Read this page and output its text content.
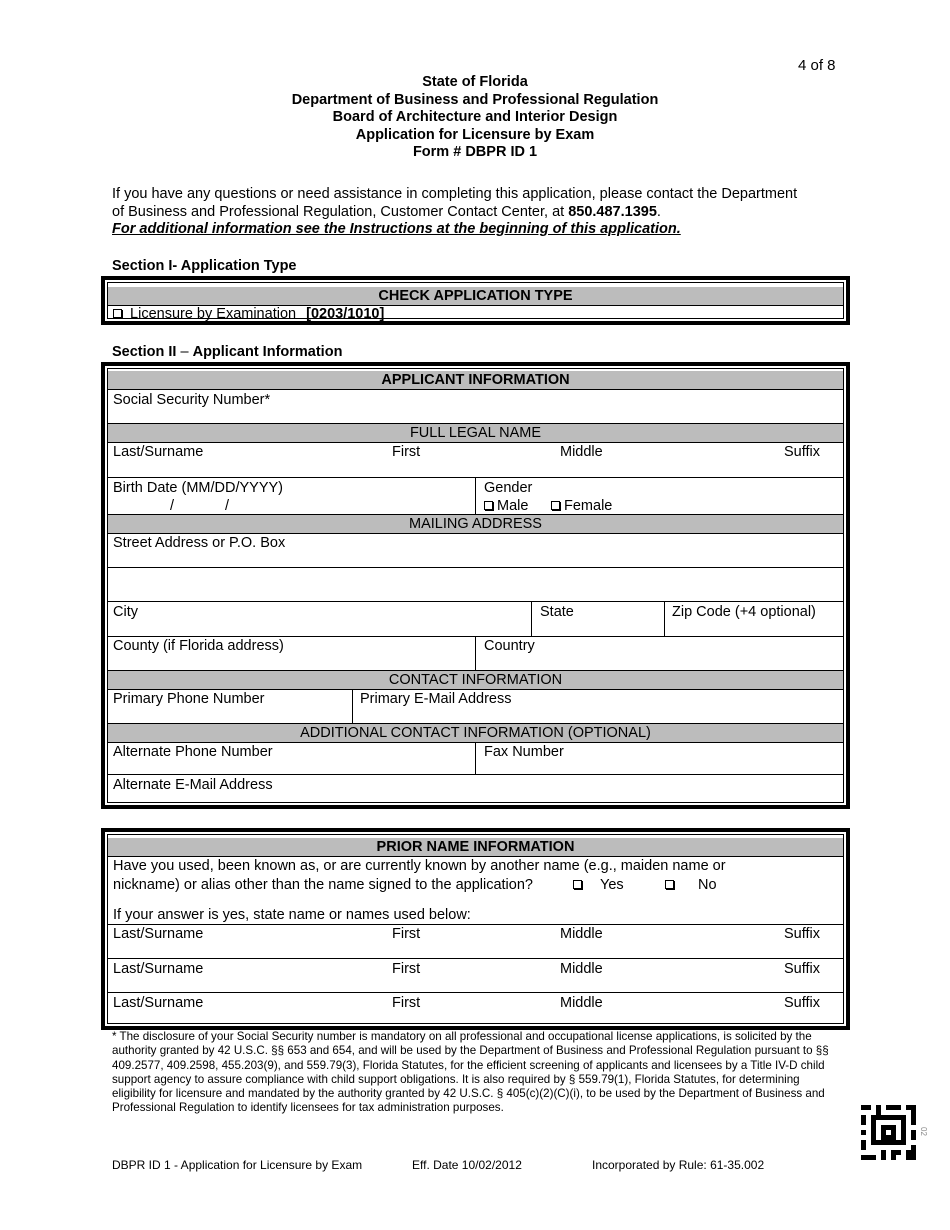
4 of 8
State of Florida
Department of Business and Professional Regulation
Board of Architecture and Interior Design
Application for Licensure by Exam
Form # DBPR ID 1
If you have any questions or need assistance in completing this application, please contact the Department of Business and Professional Regulation, Customer Contact Center, at 850.487.1395.
For additional information see the Instructions at the beginning of this application.
Section I- Application Type
CHECK APPLICATION TYPE
Licensure by Examination [0203/1010]
Section II – Applicant Information
APPLICANT INFORMATION
Social Security Number*
FULL LEGAL NAME
Last/Surname	First	Middle	Suffix
Birth Date (MM/DD/YYYY)
/	/
Gender
Male	Female
MAILING ADDRESS
Street Address or P.O. Box
City	State	Zip Code (+4 optional)
County (if Florida address)	Country
CONTACT INFORMATION
Primary Phone Number	Primary E-Mail Address
ADDITIONAL CONTACT INFORMATION (OPTIONAL)
Alternate Phone Number	Fax Number
Alternate E-Mail Address
PRIOR NAME INFORMATION
Have you used, been known as, or are currently known by another name (e.g., maiden name or
nickname) or alias other than the name signed to the application?	Yes	No
If your answer is yes, state name or names used below:
Last/Surname	First	Middle	Suffix
Last/Surname	First	Middle	Suffix
Last/Surname	First	Middle	Suffix
* The disclosure of your Social Security number is mandatory on all professional and occupational license applications, is solicited by the authority granted by 42 U.S.C. §§ 653 and 654, and will be used by the Department of Business and Professional Regulation pursuant to §§ 409.2577, 409.2598, 455.203(9), and 559.79(3), Florida Statutes, for the efficient screening of applicants and licensees by a Title IV-D child support agency to assure compliance with child support obligations. It is also required by § 559.79(1), Florida Statutes, for determining eligibility for licensure and mandated by the authority granted by 42 U.S.C. § 405(c)(2)(C)(i), to be used by the Department of Business and Professional Regulation to identify licensees for tax administration purposes.
02
DBPR ID 1 - Application for Licensure by Exam	Eff. Date 10/02/2012	Incorporated by Rule: 61-35.002
